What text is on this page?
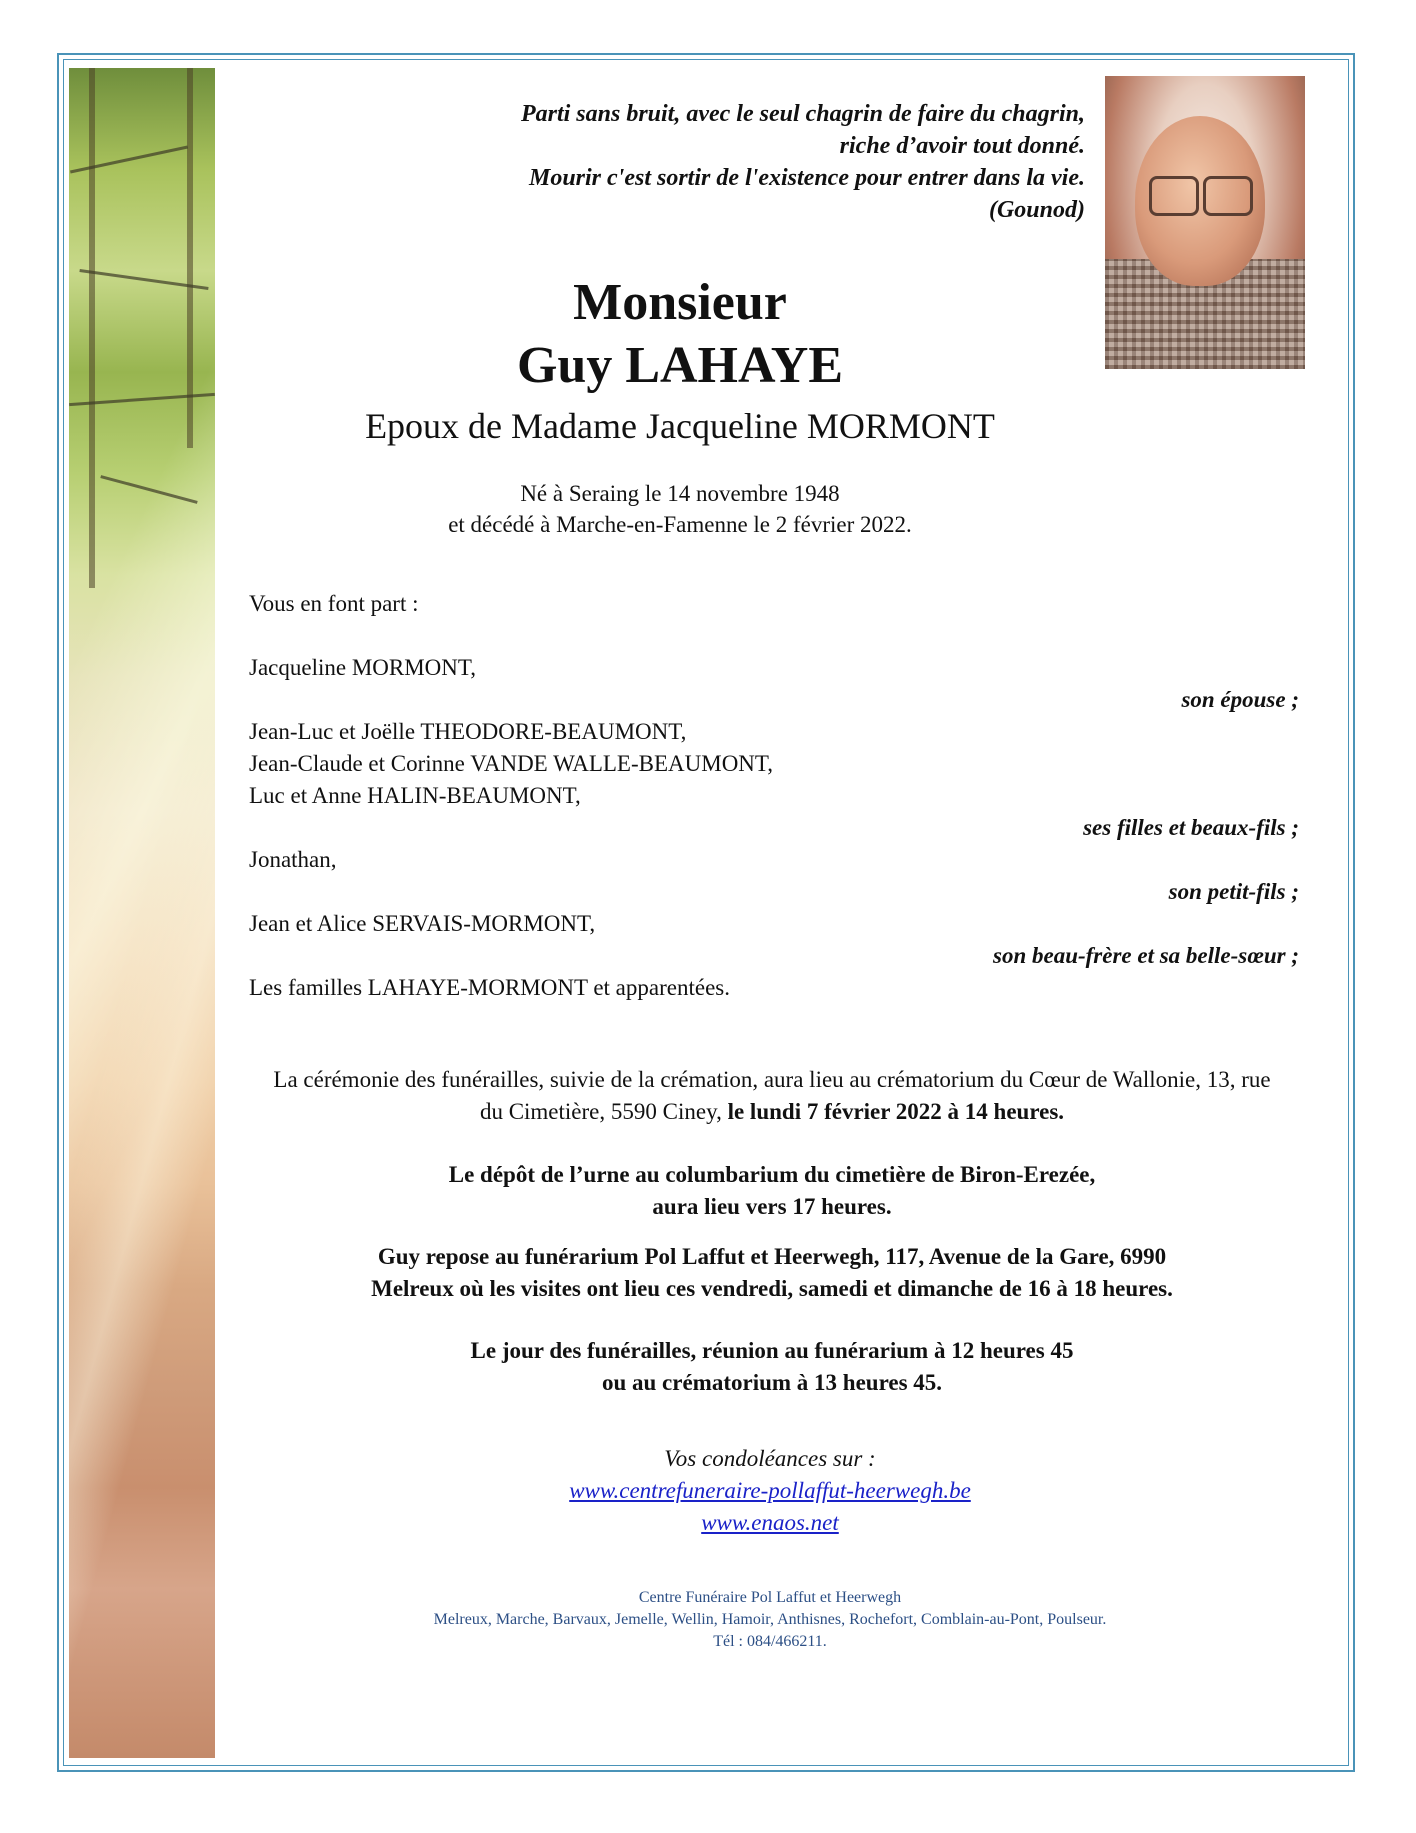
Parti sans bruit, avec le seul chagrin de faire du chagrin,
riche d’avoir tout donné.
Mourir c'est sortir de l'existence pour entrer dans la vie.
(Gounod)
Monsieur
Guy LAHAYE
Epoux de Madame Jacqueline MORMONT
Né à Seraing le 14 novembre 1948
et décédé à Marche-en-Famenne le 2 février 2022.
Vous en font part :
Jacqueline MORMONT,
son épouse ;
Jean-Luc et Joëlle THEODORE-BEAUMONT,
Jean-Claude et Corinne VANDE WALLE-BEAUMONT,
Luc et Anne HALIN-BEAUMONT,
ses filles et beaux-fils ;
Jonathan,
son petit-fils ;
Jean et Alice SERVAIS-MORMONT,
son beau-frère et sa belle-sœur ;
Les familles LAHAYE-MORMONT et apparentées.
La cérémonie des funérailles, suivie de la crémation, aura lieu au crématorium du Cœur de Wallonie, 13, rue du Cimetière, 5590 Ciney, le lundi 7 février 2022 à 14 heures.
Le dépôt de l’urne au columbarium du cimetière de Biron-Erezée,
aura lieu vers 17 heures.
Guy repose au funérarium Pol Laffut et Heerwegh, 117, Avenue de la Gare, 6990
Melreux où les visites ont lieu ces vendredi, samedi et dimanche de 16 à 18 heures.
Le jour des funérailles, réunion au funérarium à 12 heures 45
ou au crématorium à 13 heures 45.
Vos condoléances sur :
www.centrefuneraire-pollaffut-heerwegh.be
www.enaos.net
Centre Funéraire Pol Laffut et Heerwegh
Melreux, Marche, Barvaux, Jemelle, Wellin, Hamoir, Anthisnes, Rochefort, Comblain-au-Pont, Poulseur.
Tél : 084/466211.
